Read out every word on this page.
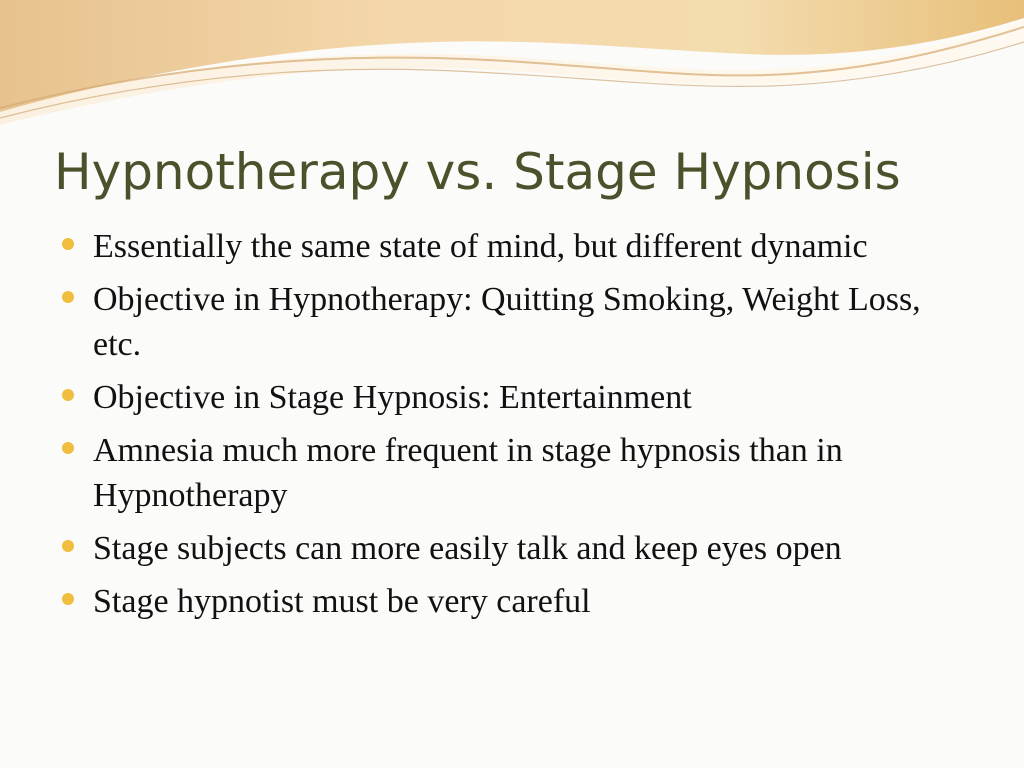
Hypnotherapy vs. Stage Hypnosis
Essentially the same state of mind, but different dynamic
Objective in Hypnotherapy: Quitting Smoking, Weight Loss, etc.
Objective in Stage Hypnosis: Entertainment
Amnesia much more frequent in stage hypnosis than in Hypnotherapy
Stage subjects can more easily talk and keep eyes open
Stage hypnotist must be very careful
